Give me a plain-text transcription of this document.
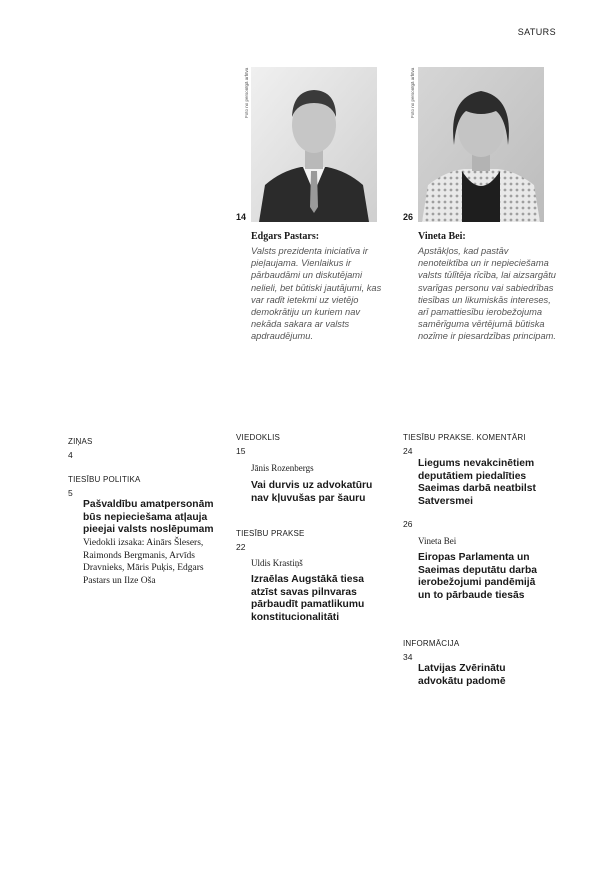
SATURS
Foto no personīgā arhīva
14
Edgars Pastars:
Valsts prezidenta iniciatīva ir pieļaujama. Vienlaikus ir pārbaudāmi un diskutējami nelieli, bet būtiski jautājumi, kas var radīt ietekmi uz vietējo demokrātiju un kuriem nav nekāda sakara ar valsts apdraudējumu.
Foto no personīgā arhīva
26
Vineta Bei:
Apstākļos, kad pastāv nenoteiktība un ir nepieciešama valsts tūlītēja rīcība, lai aizsargātu svarīgas personu vai sabiedrības tiesības un likumiskās intereses, arī pamattiesību ierobežojuma samērīguma vērtējumā būtiska nozīme ir piesardzības principam.
ZIŅAS
4
TIESĪBU POLITIKA
5
Pašvaldību amatpersonām būs nepieciešama atļauja pieejai valsts noslēpumam
Viedokli izsaka: Ainārs Šlesers, Raimonds Bergmanis, Arvīds Dravnieks, Māris Puķis, Edgars Pastars un Ilze Oša
VIEDOKLIS
15
Jānis Rozenbergs
Vai durvis uz advokatūru nav kļuvušas par šauru
TIESĪBU PRAKSE
22
Uldis Krastiņš
Izraēlas Augstākā tiesa atzīst savas pilnvaras pārbaudīt pamatlikumu konstitucionalitāti
TIESĪBU PRAKSE. KOMENTĀRI
24
Liegums nevakcinētiem deputātiem piedalīties Saeimas darbā neatbilst Satversmei
26
Vineta Bei
Eiropas Parlamenta un Saeimas deputātu darba ierobežojumi pandēmijā un to pārbaude tiesās
INFORMĀCIJA
34
Latvijas Zvērinātu advokātu padomē
